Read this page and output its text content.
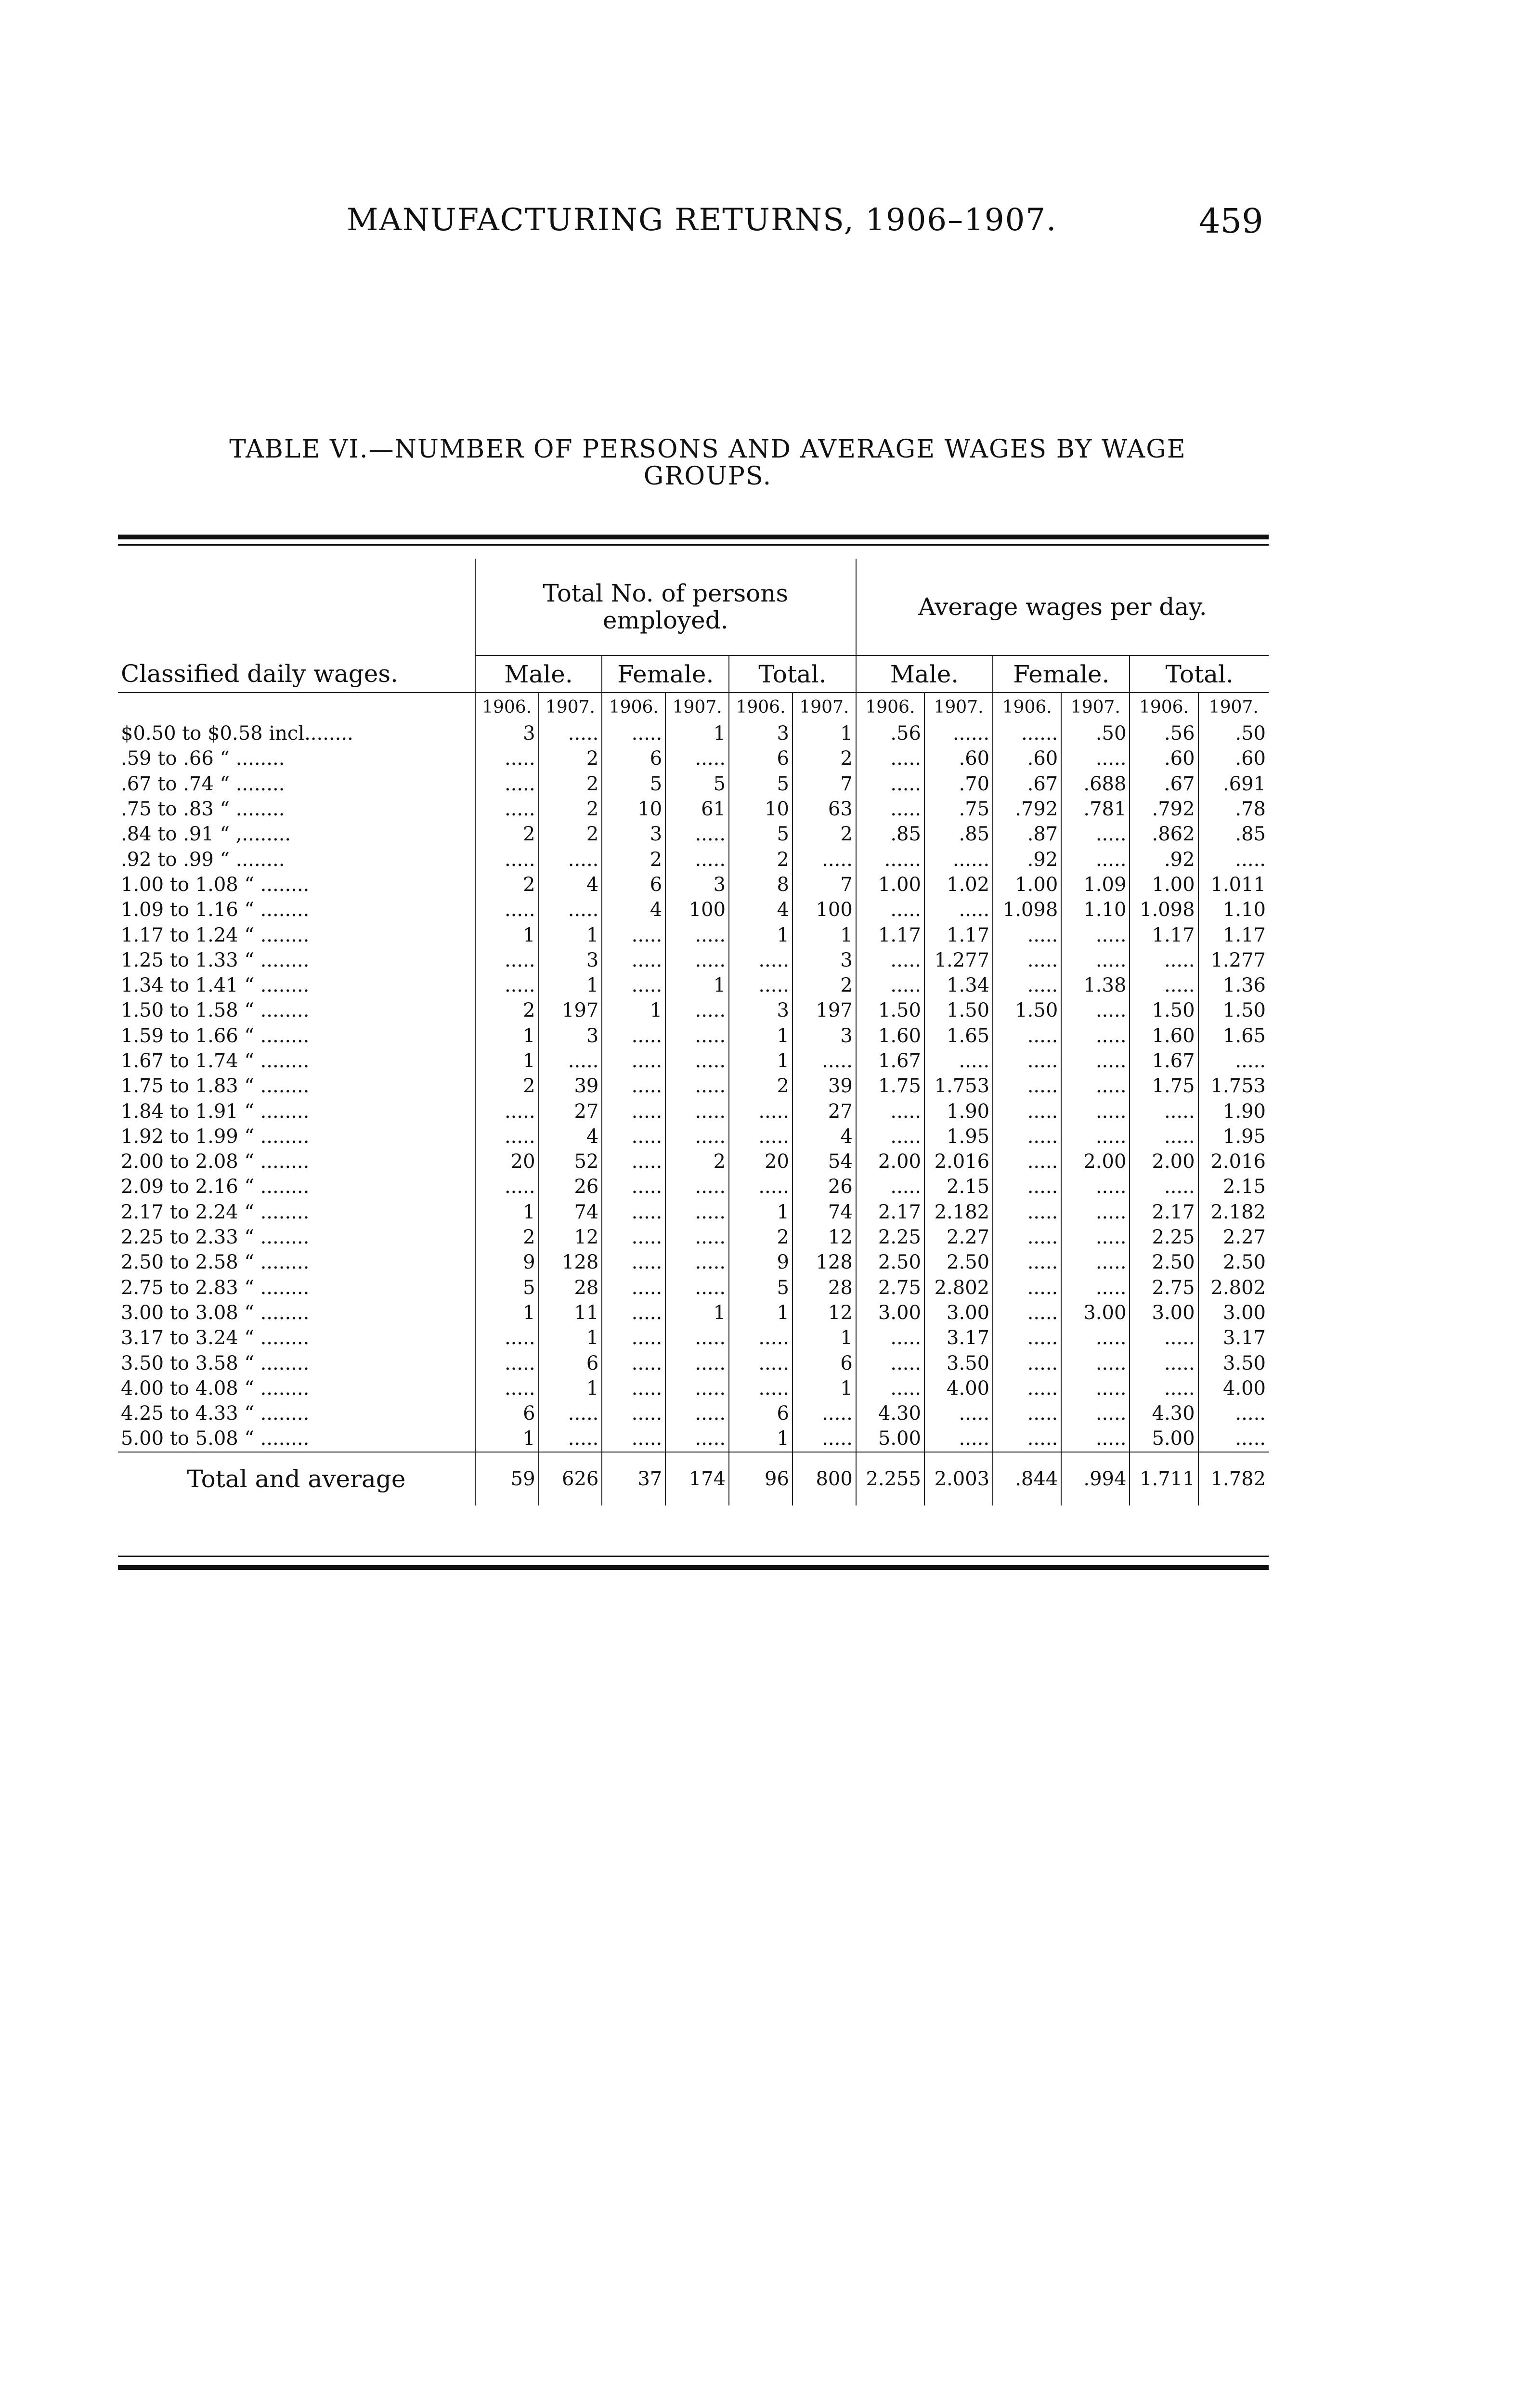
MANUFACTURING RETURNS, 1906–1907.	459
TABLE VI.—NUMBER OF PERSONS AND AVERAGE WAGES BY WAGE
GROUPS.
	Total No. of persons employed.						Average wages per day.					
Classified daily wages.	Male.		Female.		Total.		Male.		Female.		Total.	
	1906.	1907.	1906.	1907.	1906.	1907.	1906.	1907.	1906.	1907.	1906.	1907.
$0.50 to $0.58 incl........	3	.....	.....	1	3	1	.56	......	......	.50	.56	.50
.59 to .66 “ ........	.....	2	6	.....	6	2	.....	.60	.60	.....	.60	.60
.67 to .74 “ ........	.....	2	5	5	5	7	.....	.70	.67	.688	.67	.691
.75 to .83 “ ........	.....	2	10	61	10	63	.....	.75	.792	.781	.792	.78
.84 to .91 “ ,........	2	2	3	.....	5	2	.85	.85	.87	.....	.862	.85
.92 to .99 “ ........	.....	.....	2	.....	2	.....	......	......	.92	.....	.92	.....
1.00 to 1.08 “ ........	2	4	6	3	8	7	1.00	1.02	1.00	1.09	1.00	1.011
1.09 to 1.16 “ ........	.....	.....	4	100	4	100	.....	.....	1.098	1.10	1.098	1.10
1.17 to 1.24 “ ........	1	1	.....	.....	1	1	1.17	1.17	.....	.....	1.17	1.17
1.25 to 1.33 “ ........	.....	3	.....	.....	.....	3	.....	1.277	.....	.....	.....	1.277
1.34 to 1.41 “ ........	.....	1	.....	1	.....	2	.....	1.34	.....	1.38	.....	1.36
1.50 to 1.58 “ ........	2	197	1	.....	3	197	1.50	1.50	1.50	.....	1.50	1.50
1.59 to 1.66 “ ........	1	3	.....	.....	1	3	1.60	1.65	.....	.....	1.60	1.65
1.67 to 1.74 “ ........	1	.....	.....	.....	1	.....	1.67	.....	.....	.....	1.67	.....
1.75 to 1.83 “ ........	2	39	.....	.....	2	39	1.75	1.753	.....	.....	1.75	1.753
1.84 to 1.91 “ ........	.....	27	.....	.....	.....	27	.....	1.90	.....	.....	.....	1.90
1.92 to 1.99 “ ........	.....	4	.....	.....	.....	4	.....	1.95	.....	.....	.....	1.95
2.00 to 2.08 “ ........	20	52	.....	2	20	54	2.00	2.016	.....	2.00	2.00	2.016
2.09 to 2.16 “ ........	.....	26	.....	.....	.....	26	.....	2.15	.....	.....	.....	2.15
2.17 to 2.24 “ ........	1	74	.....	.....	1	74	2.17	2.182	.....	.....	2.17	2.182
2.25 to 2.33 “ ........	2	12	.....	.....	2	12	2.25	2.27	.....	.....	2.25	2.27
2.50 to 2.58 “ ........	9	128	.....	.....	9	128	2.50	2.50	.....	.....	2.50	2.50
2.75 to 2.83 “ ........	5	28	.....	.....	5	28	2.75	2.802	.....	.....	2.75	2.802
3.00 to 3.08 “ ........	1	11	.....	1	1	12	3.00	3.00	.....	3.00	3.00	3.00
3.17 to 3.24 “ ........	.....	1	.....	.....	.....	1	.....	3.17	.....	.....	.....	3.17
3.50 to 3.58 “ ........	.....	6	.....	.....	.....	6	.....	3.50	.....	.....	.....	3.50
4.00 to 4.08 “ ........	.....	1	.....	.....	.....	1	.....	4.00	.....	.....	.....	4.00
4.25 to 4.33 “ ........	6	.....	.....	.....	6	.....	4.30	.....	.....	.....	4.30	.....
5.00 to 5.08 “ ........	1	.....	.....	.....	1	.....	5.00	.....	.....	.....	5.00	.....
Total and average	59	626	37	174	96	800	2.255	2.003	.844	.994	1.711	1.782
